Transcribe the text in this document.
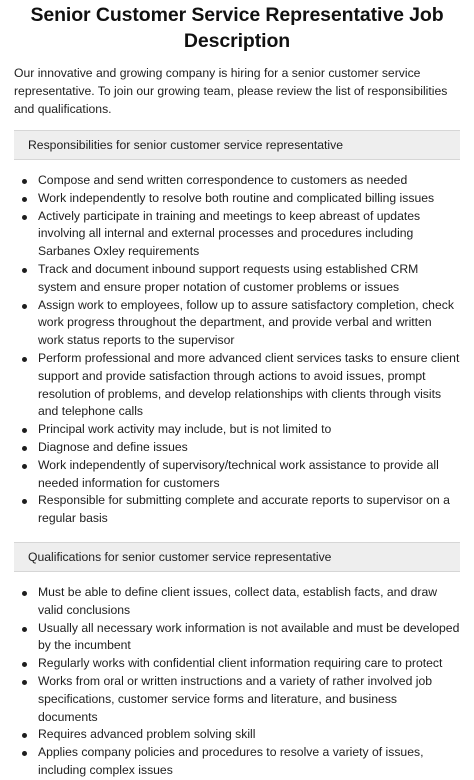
Senior Customer Service Representative Job Description

Our innovative and growing company is hiring for a senior customer service representative. To join our growing team, please review the list of responsibilities and qualifications.

Responsibilities for senior customer service representative
Compose and send written correspondence to customers as needed
Work independently to resolve both routine and complicated billing issues
Actively participate in training and meetings to keep abreast of updates involving all internal and external processes and procedures including Sarbanes Oxley requirements
Track and document inbound support requests using established CRM system and ensure proper notation of customer problems or issues
Assign work to employees, follow up to assure satisfactory completion, check work progress throughout the department, and provide verbal and written work status reports to the supervisor
Perform professional and more advanced client services tasks to ensure client support and provide satisfaction through actions to avoid issues, prompt resolution of problems, and develop relationships with clients through visits and telephone calls
Principal work activity may include, but is not limited to
Diagnose and define issues
Work independently of supervisory/technical work assistance to provide all needed information for customers
Responsible for submitting complete and accurate reports to supervisor on a regular basis
Qualifications for senior customer service representative
Must be able to define client issues, collect data, establish facts, and draw valid conclusions
Usually all necessary work information is not available and must be developed by the incumbent
Regularly works with confidential client information requiring care to protect
Works from oral or written instructions and a variety of rather involved job specifications, customer service forms and literature, and business documents
Requires advanced problem solving skill
Applies company policies and procedures to resolve a variety of issues, including complex issues
